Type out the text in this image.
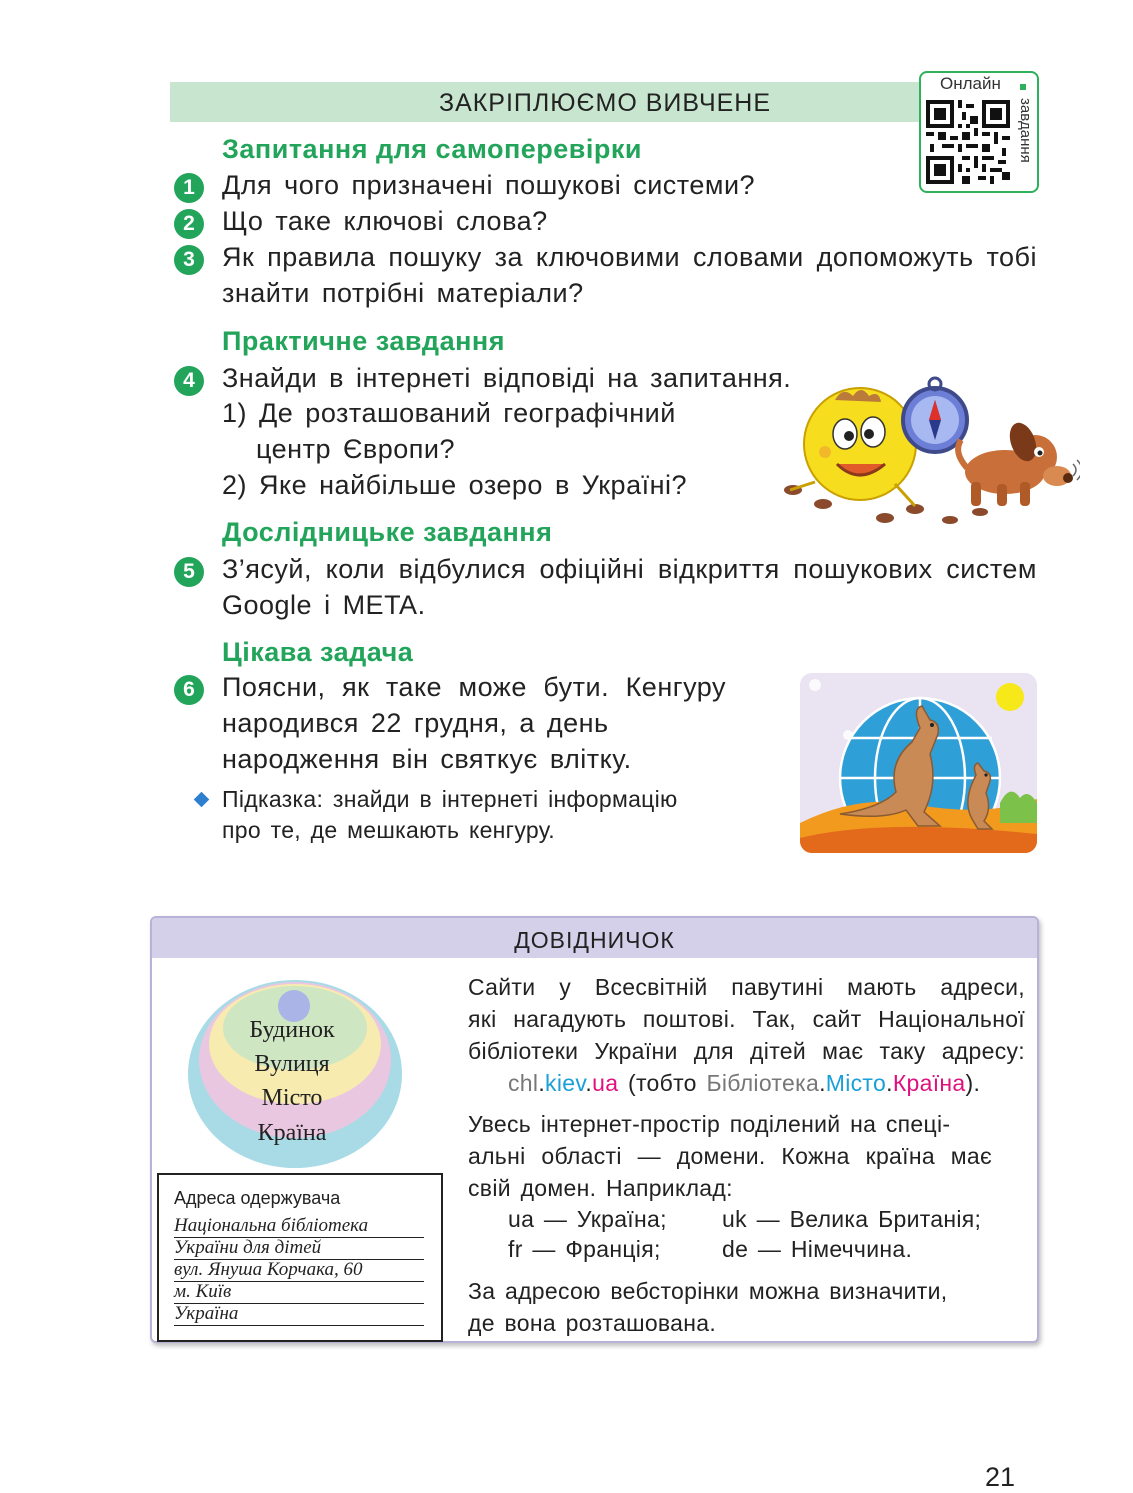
ЗАКРІПЛЮЄМО ВИВЧЕНЕ
Онлайн
завдання
Запитання для самоперевірки
1	Для чого призначені пошукові системи?
2	Що таке ключові слова?
3	Як правила пошуку за ключовими словами допоможуть тобі
знайти потрібні матеріали?
Практичне завдання
4	Знайди в інтернеті відповіді на запитання.
1) Де розташований географічний
центр Європи?
2) Яке найбільше озеро в Україні?
Дослідницьке завдання
5	З’ясуй, коли відбулися офіційні відкриття пошукових систем
Google і META.
Цікава задача
6	Поясни, як таке може бути. Кенгуру
народився 22 грудня, а день
народження він святкує влітку.
Підказка: знайди в інтернеті інформацію
про те, де мешкають кенгуру.
ДОВІДНИЧОК
Будинок
Вулиця
Місто
Країна
Адреса одержувача
Національна бібліотека
України для дітей
вул. Януша Корчака, 60
м. Київ
Україна
Сайти у Всесвітній павутині мають адреси,
які нагадують поштові. Так, сайт Національної
бібліотеки України для дітей має таку адресу:
chl.kiev.ua (тобто Бібліотека.Місто.Країна).
Увесь інтернет-простір поділений на спеці-
альні області — домени. Кожна країна має
свій домен. Наприклад:
ua — Україна; uk — Велика Британія;
fr — Франція;	de — Німеччина.
За адресою вебсторінки можна визначити,
де вона розташована.
21
